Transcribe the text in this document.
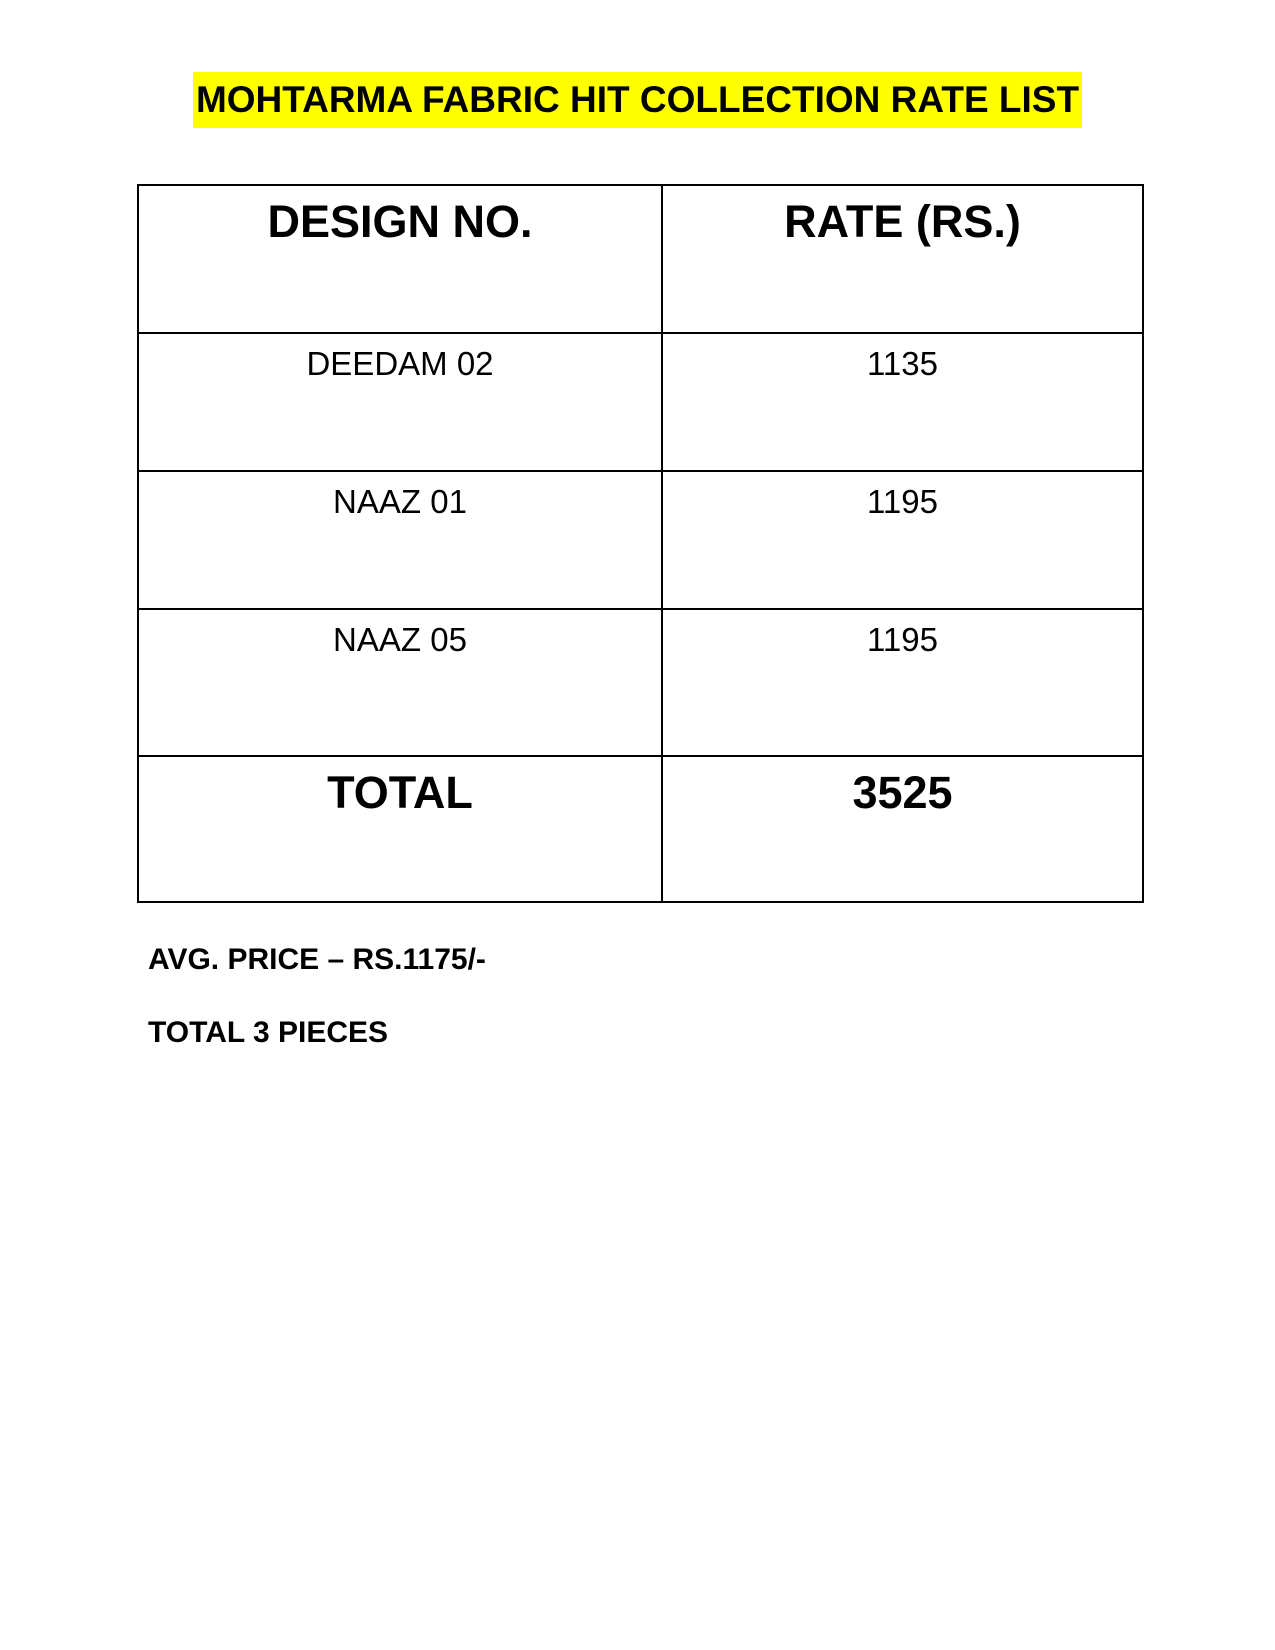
MOHTARMA FABRIC HIT COLLECTION RATE LIST
DESIGN NO.	RATE (RS.)
DEEDAM 02	1135
NAAZ 01	1195
NAAZ 05	1195
TOTAL	3525
AVG. PRICE – RS.1175/-
TOTAL 3 PIECES
